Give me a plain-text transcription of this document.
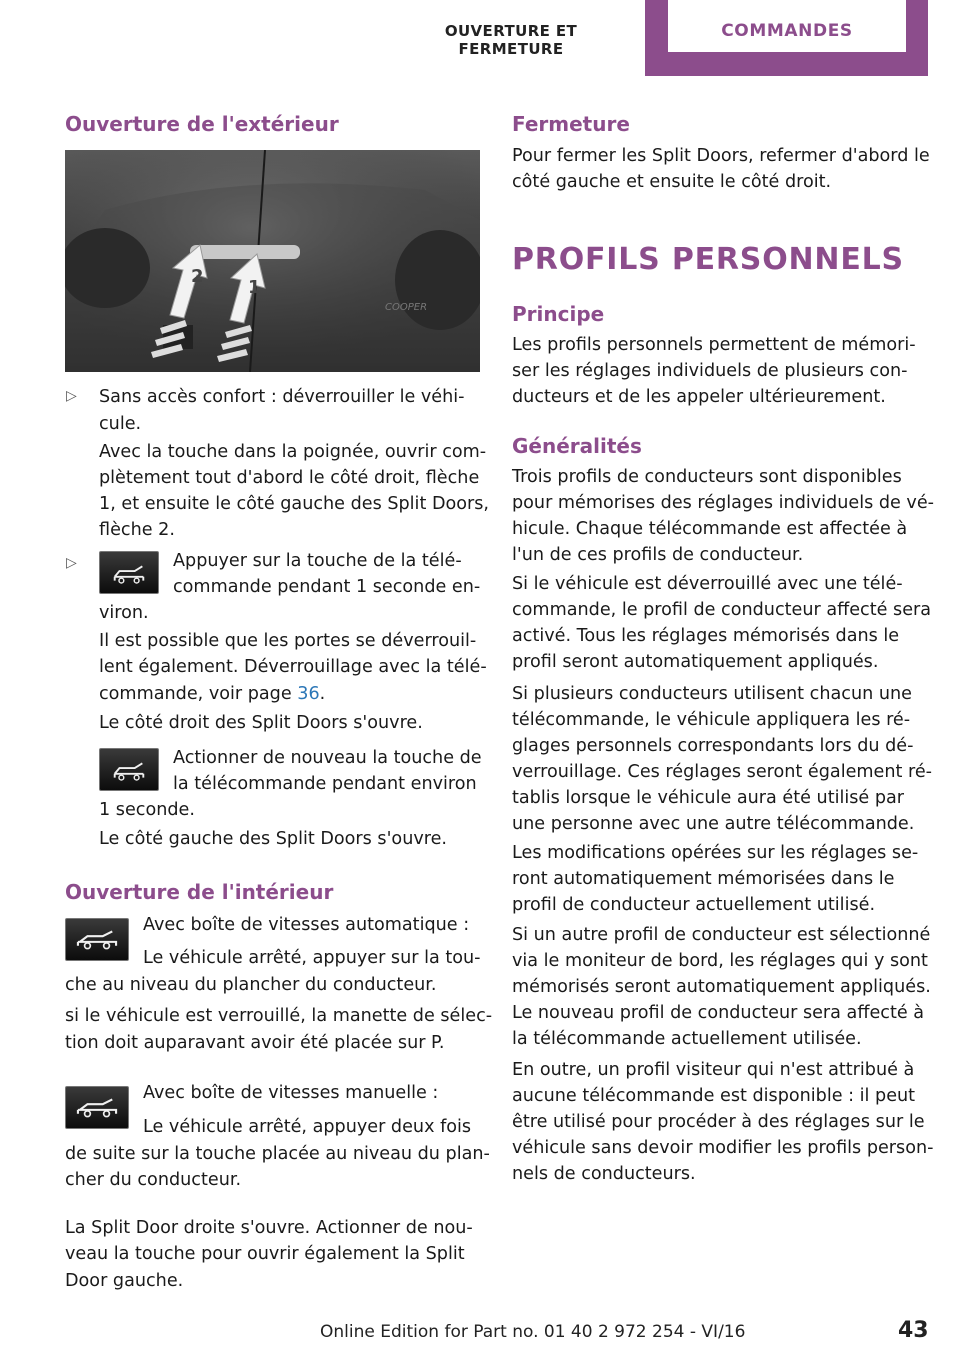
OUVERTURE ET FERMETURE
COMMANDES
Ouverture de l'extérieur
COOPER
2
1
▷ Sans accès confort : déverrouiller le véhi-
cule.
Avec la touche dans la poignée, ouvrir com-
plètement tout d'abord le côté droit, flèche
1, et ensuite le côté gauche des Split Doors,
flèche 2.
▷	Appuyer sur la touche de la télé-
commande pendant 1 seconde en-
viron.
Il est possible que les portes se déverrouil-
lent également. Déverrouillage avec la télé-
commande, voir page 36.
Le côté droit des Split Doors s'ouvre.
Actionner de nouveau la touche de
la télécommande pendant environ
1 seconde.
Le côté gauche des Split Doors s'ouvre.
Ouverture de l'intérieur
Avec boîte de vitesses automatique :
Le véhicule arrêté, appuyer sur la tou-
che au niveau du plancher du conducteur.
si le véhicule est verrouillé, la manette de sélec-
tion doit auparavant avoir été placée sur P.
Avec boîte de vitesses manuelle :
Le véhicule arrêté, appuyer deux fois
de suite sur la touche placée au niveau du plan-
cher du conducteur.
La Split Door droite s'ouvre. Actionner de nou-
veau la touche pour ouvrir également la Split
Door gauche.
Fermeture
Pour fermer les Split Doors, refermer d'abord le
côté gauche et ensuite le côté droit.
PROFILS PERSONNELS
Principe
Les profils personnels permettent de mémori-
ser les réglages individuels de plusieurs con-
ducteurs et de les appeler ultérieurement.
Généralités
Trois profils de conducteurs sont disponibles
pour mémorises des réglages individuels de vé-
hicule. Chaque télécommande est affectée à
l'un de ces profils de conducteur.
Si le véhicule est déverrouillé avec une télé-
commande, le profil de conducteur affecté sera
activé. Tous les réglages mémorisés dans le
profil seront automatiquement appliqués.
Si plusieurs conducteurs utilisent chacun une
télécommande, le véhicule appliquera les ré-
glages personnels correspondants lors du dé-
verrouillage. Ces réglages seront également ré-
tablis lorsque le véhicule aura été utilisé par
une personne avec une autre télécommande.
Les modifications opérées sur les réglages se-
ront automatiquement mémorisées dans le
profil de conducteur actuellement utilisé.
Si un autre profil de conducteur est sélectionné
via le moniteur de bord, les réglages qui y sont
mémorisés seront automatiquement appliqués.
Le nouveau profil de conducteur sera affecté à
la télécommande actuellement utilisée.
En outre, un profil visiteur qui n'est attribué à
aucune télécommande est disponible : il peut
être utilisé pour procéder à des réglages sur le
véhicule sans devoir modifier les profils person-
nels de conducteurs.
Online Edition for Part no. 01 40 2 972 254 - VI/16	43
